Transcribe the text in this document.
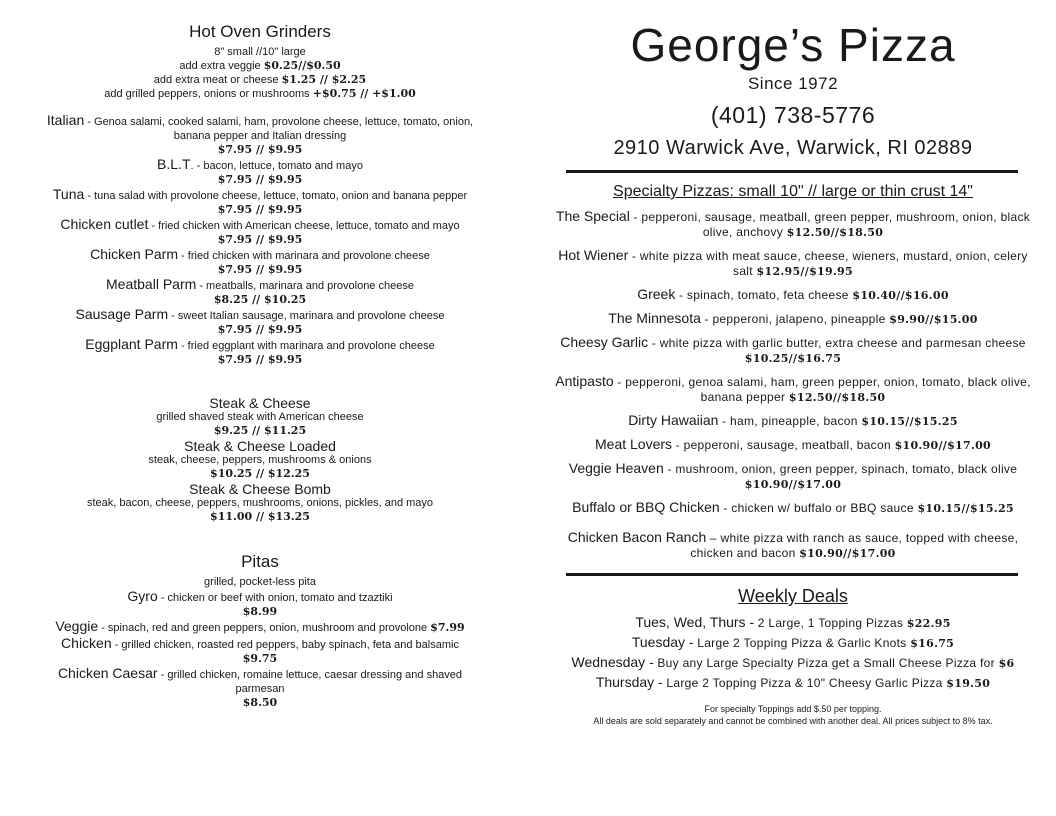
Hot Oven Grinders
8" small //10" large
add extra veggie $0.25//$0.50
add extra meat or cheese $1.25 // $2.25
add grilled peppers, onions or mushrooms +$0.75 // +$1.00

Italian - Genoa salami, cooked salami, ham, provolone cheese, lettuce, tomato, onion, banana pepper and Italian dressing

$7.95 // $9.95

B.L.T. - bacon, lettuce, tomato and mayo

$7.95 // $9.95

Tuna - tuna salad with provolone cheese, lettuce, tomato, onion and banana pepper

$7.95 // $9.95

Chicken cutlet - fried chicken with American cheese, lettuce, tomato and mayo

$7.95 // $9.95

Chicken Parm - fried chicken with marinara and provolone cheese

$7.95 // $9.95

Meatball Parm - meatballs, marinara and provolone cheese

$8.25 // $10.25

Sausage Parm - sweet Italian sausage, marinara and provolone cheese

$7.95 // $9.95

Eggplant Parm - fried eggplant with marinara and provolone cheese

$7.95 // $9.95
Steak & Cheese
grilled shaved steak with American cheese
$9.25 // $11.25
Steak & Cheese Loaded
steak, cheese, peppers, mushrooms & onions
$10.25 // $12.25
Steak & Cheese Bomb
steak, bacon, cheese, peppers, mushrooms, onions, pickles, and mayo
$11.00 // $13.25
Pitas
grilled, pocket-less pita

Gyro - chicken or beef with onion, tomato and tzaztiki

$8.99

Veggie - spinach, red and green peppers, onion, mushroom and provolone $7.99

Chicken - grilled chicken, roasted red peppers, baby spinach, feta and balsamic

$9.75

Chicken Caesar - grilled chicken, romaine lettuce, caesar dressing and shaved parmesan

$8.50
George’s Pizza
Since 1972
(401) 738-5776
2910 Warwick Ave, Warwick, RI 02889
Specialty Pizzas: small 10" // large or thin crust 14"
The Special - pepperoni, sausage, meatball, green pepper, mushroom, onion, black olive, anchovy $12.50//$18.50
Hot Wiener - white pizza with meat sauce, cheese, wieners, mustard, onion, celery salt $12.95//$19.95
Greek - spinach, tomato, feta cheese $10.40//$16.00
The Minnesota - pepperoni, jalapeno, pineapple $9.90//$15.00
Cheesy Garlic - white pizza with garlic butter, extra cheese and parmesan cheese $10.25//$16.75
Antipasto - pepperoni, genoa salami, ham, green pepper, onion, tomato, black olive, banana pepper $12.50//$18.50
Dirty Hawaiian - ham, pineapple, bacon $10.15//$15.25
Meat Lovers - pepperoni, sausage, meatball, bacon $10.90//$17.00
Veggie Heaven - mushroom, onion, green pepper, spinach, tomato, black olive $10.90//$17.00
Buffalo or BBQ Chicken - chicken w/ buffalo or BBQ sauce $10.15//$15.25
Chicken Bacon Ranch – white pizza with ranch as sauce, topped with cheese, chicken and bacon $10.90//$17.00
Weekly Deals
Tues, Wed, Thurs - 2 Large, 1 Topping Pizzas $22.95
Tuesday - Large 2 Topping Pizza & Garlic Knots $16.75
Wednesday - Buy any Large Specialty Pizza get a Small Cheese Pizza for $6
Thursday - Large 2 Topping Pizza & 10" Cheesy Garlic Pizza $19.50
For specialty Toppings add $.50 per topping.
All deals are sold separately and cannot be combined with another deal. All prices subject to 8% tax.
